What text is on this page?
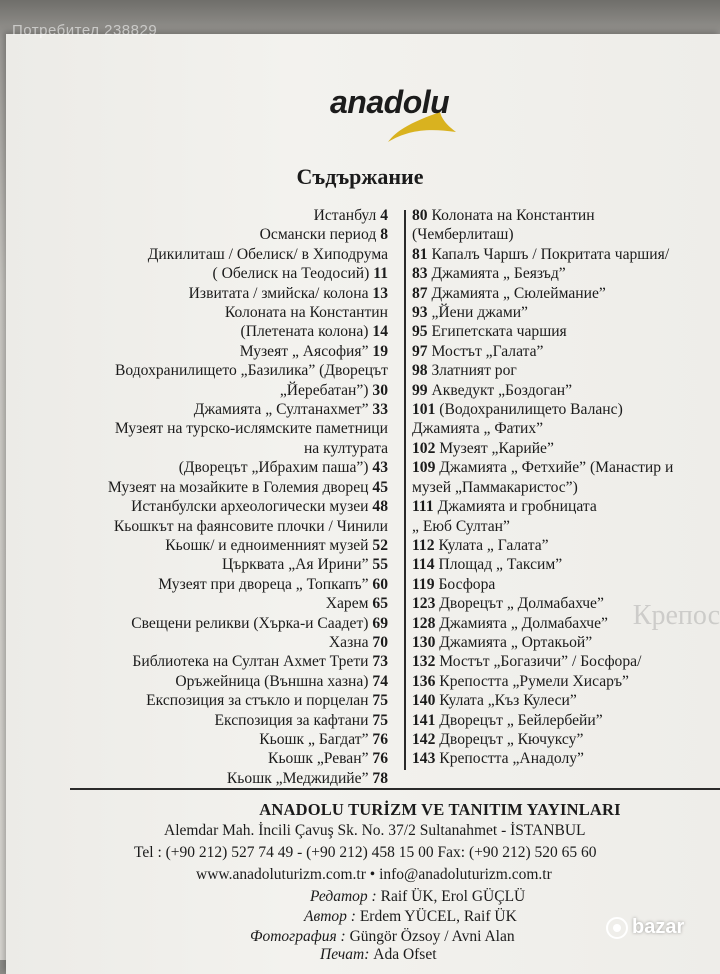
Потребител 238829
anadolu
Съдържание
Истанбул 4
Османски период 8
Дикилиташ / Обелиск/ в Хиподрума
( Обелиск на Теодосий) 11
Извитата / змийска/ колона 13
Колоната на Константин
(Плетената колона) 14
Музеят „ Аясофия” 19
Водохранилището „Базилика” (Дворецът
„Йеребатан”) 30
Джамията „ Султанахмет” 33
Музеят на турско-ислямските паметници
на културата
(Дворецът „Ибрахим паша”) 43
Музеят на мозайките в Големия дворец 45
Истанбулски археологически музеи 48
Кьошкът на фаянсовите плочки / Чинили
Кьошк/ и едноименният музей 52
Църквата „Ая Ирини” 55
Музеят при двореца „ Топкапъ” 60
Харем 65
Свещени реликви (Хърка-и Саадет) 69
Хазна 70
Библиотека на Султан Ахмет Трети 73
Оръжейница (Външна хазна) 74
Експозиция за стъкло и порцелан 75
Експозиция за кафтани 75
Кьошк „ Багдат” 76
Кьошк „Реван” 76
Кьошк „Меджидийе” 78
80 Колоната на Константин
(Чемберлиташ)
81 Капалъ Чаршъ / Покритата чаршия/
83 Джамията „ Беязъд”
87 Джамията „ Сюлеймание”
93 „Йени джами”
95 Египетската чаршия
97 Мостът „Галата”
98 Златният рог
99 Акведукт „Боздоган”
101 (Водохранилището Валанс)
Джамията „ Фатих”
102 Музеят „Карийе”
109 Джамията „ Фетхийе” (Манастир и
музей „Паммакаристос”)
111 Джамията и гробницата
„ Еюб Султан”
112 Кулата „ Галата”
114 Площад „ Таксим”
119 Босфора
123 Дворецът „ Долмабахче”
128 Джамията „ Долмабахче”
130 Джамията „ Ортакьой”
132 Мостът „Богазичи” / Босфора/
136 Крепостта „Румели Хисаръ”
140 Кулата „Къз Кулеси”
141 Дворецът „ Бейлербейи”
142 Дворецът „ Кючуксу”
143 Крепостта „Анадолу”
Крепос
ANADOLU TURİZM VE TANITIM YAYINLARI
Alemdar Mah. İncili Çavuş Sk. No. 37/2 Sultanahmet - İSTANBUL
Tel : (+90 212) 527 74 49 - (+90 212) 458 15 00 Fax: (+90 212) 520 65 60
www.anadoluturizm.com.tr • info@anadoluturizm.com.tr
Редатор : Raif ÜK, Erol GÜÇLÜ
Автор : Erdem YÜCEL, Raif ÜK
Фотография : Güngör Özsoy / Avni Alan
Печат: Ada Ofset
bazar
